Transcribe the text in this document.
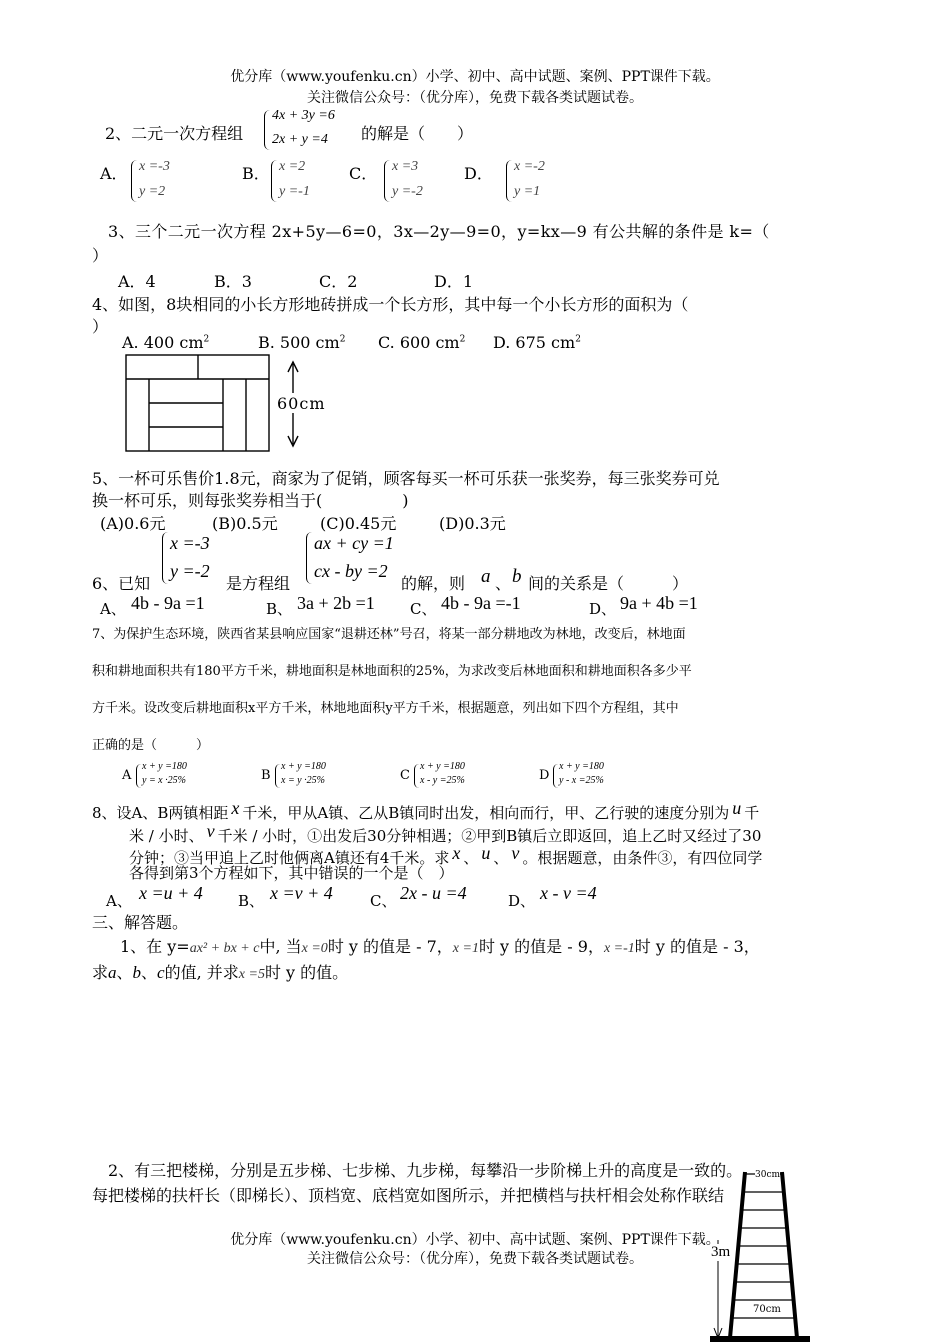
优分库（www.youfenku.cn）小学、初中、高中试题、案例、PPT课件下载。
关注微信公众号：（优分库），免费下载各类试题试卷。
2、二元一次方程组
4x + 3y =6
2x + y =4 的解是（　　）
A． x =-3
y =2
B． x =2
y =-1
C． x =3
y =-2
D． x =-2
y =1
3、三个二元一次方程 2x+5y—6=0，3x—2y—9=0，y=kx—9 有公共解的条件是 k=（
）
A．4	B．3	C．2	D．1
4、如图，8块相同的小长方形地砖拼成一个长方形，其中每一个小长方形的面积为（
）
A. 400 $cm^2$	B. 500 $cm^2$ C. 600 $cm^2$ D. 675 $cm^2$
60cm
5、一杯可乐售价1.8元，商家为了促销，顾客每买一杯可乐获一张奖券，每三张奖券可兑
换一杯可乐，则每张奖券相当于(　　　　　)
(A)0.6元	(B)0.5元	(C)0.45元	(D)0.3元
6、已知
x =-3
y =-2
是方程组
ax + cy =1
cx - by =2
的解，则 a 、 b 间的关系是（　　　）
A、 4b - 9a =1	B、 3a + 2b =1 C、 4b - 9a =-1	D、 9a + 4b =1
7、为保护生态环境，陕西省某县响应国家“退耕还林”号召，将某一部分耕地改为林地，改变后，林地面
积和耕地面积共有180平方千米，耕地面积是林地面积的25%，为求改变后林地面积和耕地面积各多少平
方千米。设改变后耕地面积x平方千米，林地地面积y平方千米，根据题意，列出如下四个方程组，其中
正确的是（　　　）
A
x + y =180
y = x ·25%	B
x + y =180
x = y ·25%	C
x + y =180
x - y =25%	D
x + y =180
y - x =25%
8、设A、B两镇相距 x 千米，甲从A镇、乙从B镇同时出发，相向而行，甲、乙行驶的速度分别为 u 千
米 / 小时、 v 千米 / 小时，①出发后30分钟相遇；②甲到B镇后立即返回，追上乙时又经过了30
分钟；③当甲追上乙时他俩离A镇还有4千米。求 x 、 u 、 v 。根据题意，由条件③，有四位同学
各得到第3个方程如下，其中错误的一个是（　）
A、 x =u + 4 B、 x =v + 4 C、 2x - u =4	D、 x - v =4
三、解答题。
1、在 y=ax² + bx + c中, 当x =0时 y 的值是 - 7，x =1时 y 的值是 - 9，x =-1时 y 的值是 - 3，
求a、b、c的值, 并求x =5时 y 的值。
2、有三把楼梯，分别是五步梯、七步梯、九步梯，每攀沿一步阶梯上升的高度是一致的。
每把楼梯的扶杆长（即梯长）、顶档宽、底档宽如图所示，并把横档与扶杆相会处称作联结
30cm
3m
70cm
优分库（www.youfenku.cn）小学、初中、高中试题、案例、PPT课件下载。
关注微信公众号：（优分库），免费下载各类试题试卷。
